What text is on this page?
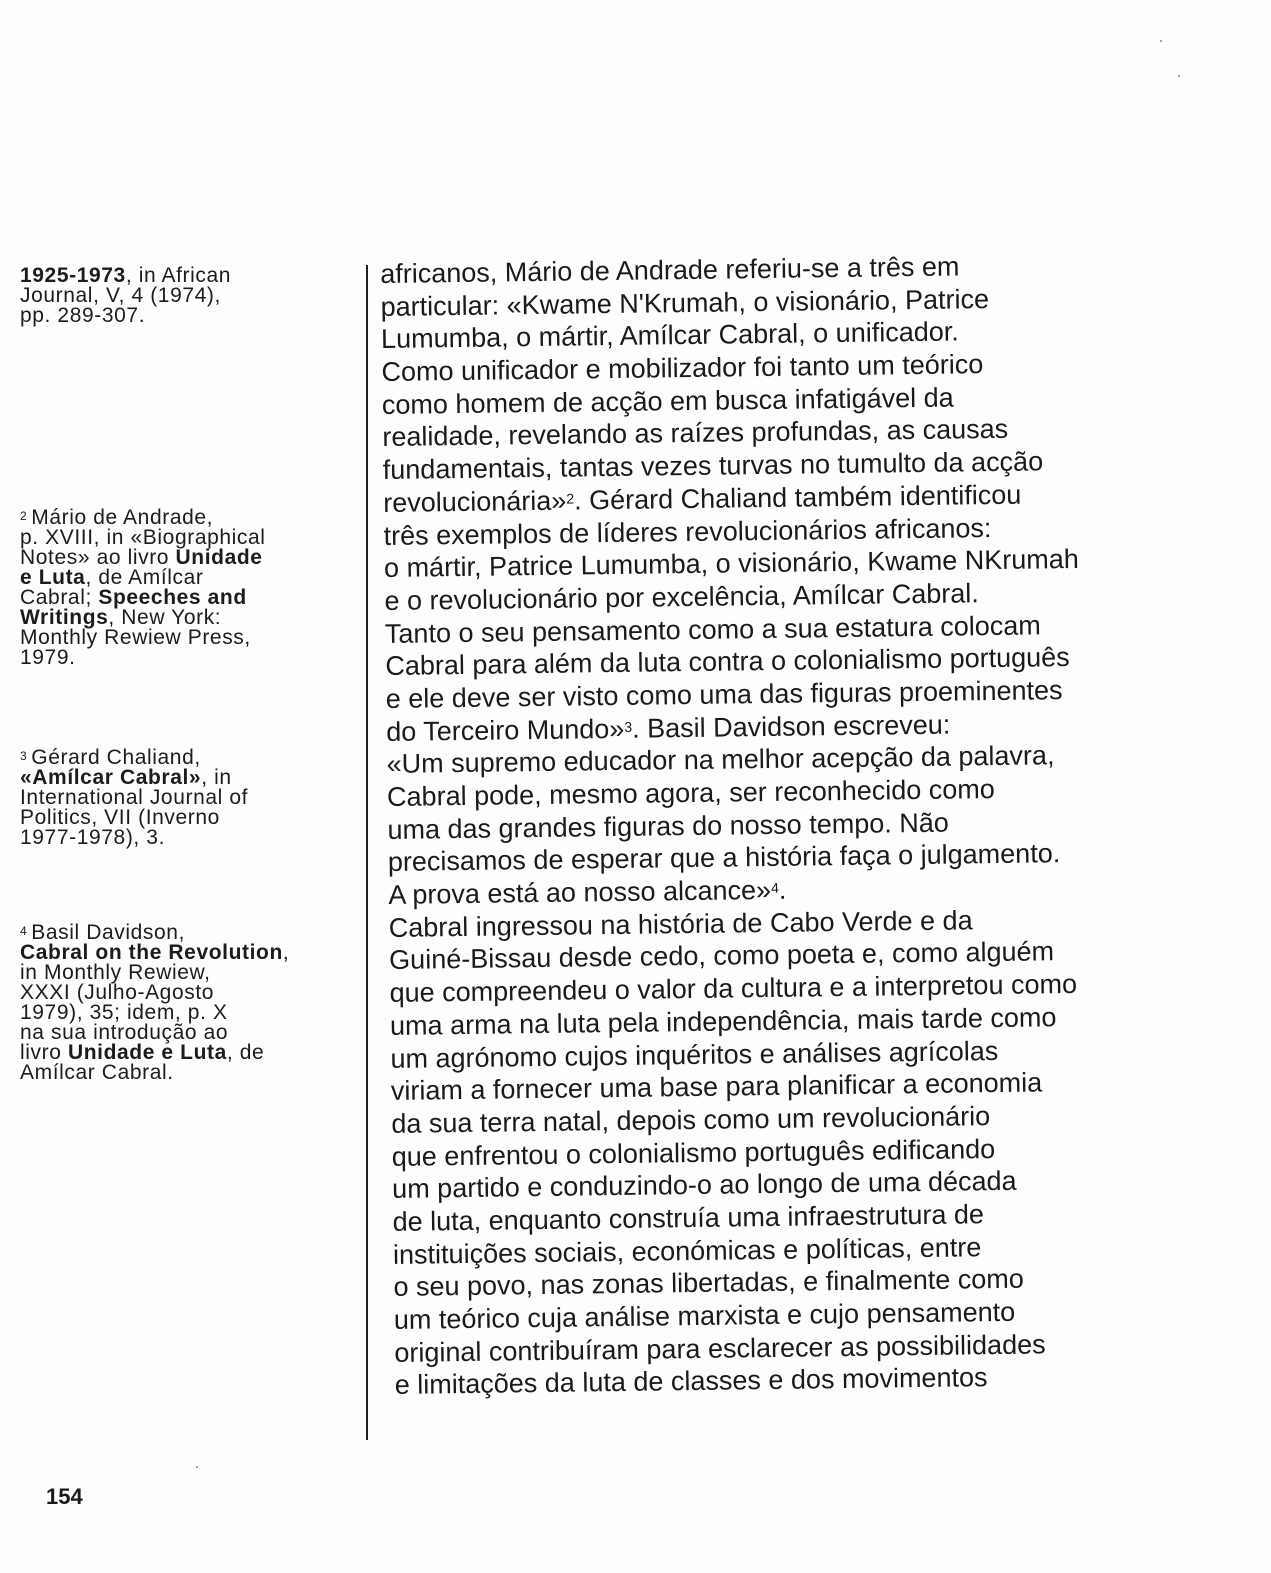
1925-1973, in African
Journal, V, 4 (1974),
pp. 289-307.
$^2$ Mário de Andrade,
p. XVIII, in «Biographical
Notes» ao livro Unidade
e Luta, de Amílcar
Cabral; Speeches and
Writings, New York:
Monthly Rewiew Press,
1979.
$^3$ Gérard Chaliand,
«Amílcar Cabral», in
International Journal of
Politics, VII (Inverno
1977-1978), 3.
$^4$ Basil Davidson,
Cabral on the Revolution,
in Monthly Rewiew,
XXXI (Julho-Agosto
1979), 35; idem, p. X
na sua introdução ao
livro Unidade e Luta, de
Amílcar Cabral.
africanos, Mário de Andrade referiu-se a três em
particular: «Kwame N'Krumah, o visionário, Patrice
Lumumba, o mártir, Amílcar Cabral, o unificador.
Como unificador e mobilizador foi tanto um teórico
como homem de acção em busca infatigável da
realidade, revelando as raízes profundas, as causas
fundamentais, tantas vezes turvas no tumulto da acção
revolucionária»$^2$. Gérard Chaliand também identificou
três exemplos de líderes revolucionários africanos:
o mártir, Patrice Lumumba, o visionário, Kwame NKrumah
e o revolucionário por excelência, Amílcar Cabral.
Tanto o seu pensamento como a sua estatura colocam
Cabral para além da luta contra o colonialismo português
e ele deve ser visto como uma das figuras proeminentes
do Terceiro Mundo»$^3$. Basil Davidson escreveu:
«Um supremo educador na melhor acepção da palavra,
Cabral pode, mesmo agora, ser reconhecido como
uma das grandes figuras do nosso tempo. Não
precisamos de esperar que a história faça o julgamento.
A prova está ao nosso alcance»$^4$.
Cabral ingressou na história de Cabo Verde e da
Guiné-Bissau desde cedo, como poeta e, como alguém
que compreendeu o valor da cultura e a interpretou como
uma arma na luta pela independência, mais tarde como
um agrónomo cujos inquéritos e análises agrícolas
viriam a fornecer uma base para planificar a economia
da sua terra natal, depois como um revolucionário
que enfrentou o colonialismo português edificando
um partido e conduzindo-o ao longo de uma década
de luta, enquanto construía uma infraestrutura de
instituições sociais, económicas e políticas, entre
o seu povo, nas zonas libertadas, e finalmente como
um teórico cuja análise marxista e cujo pensamento
original contribuíram para esclarecer as possibilidades
e limitações da luta de classes e dos movimentos
154
